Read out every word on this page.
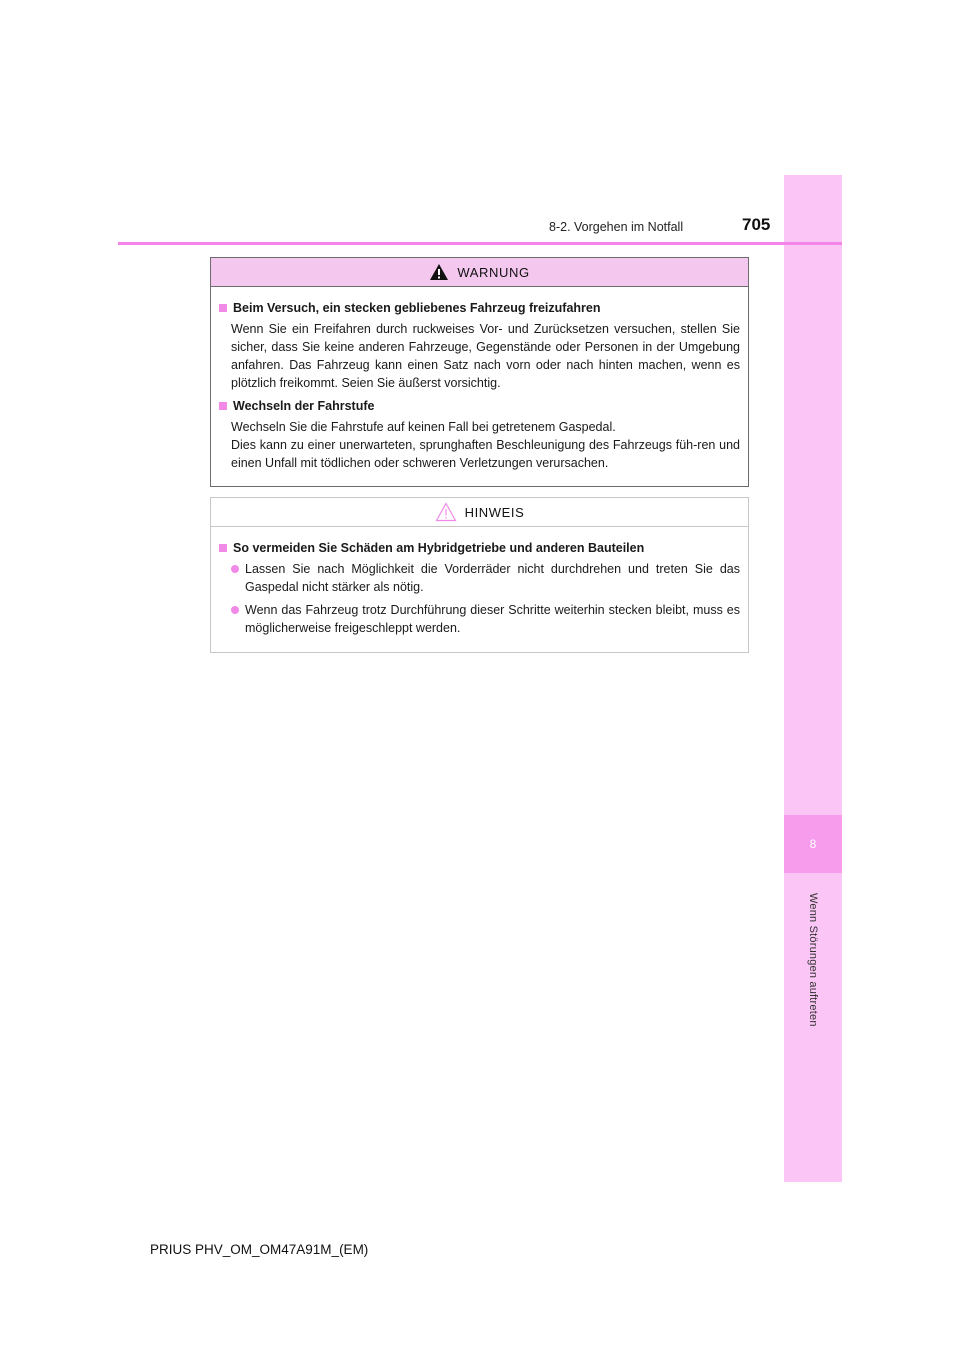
8
Wenn Störungen auftreten
8-2. Vorgehen im Notfall	705
WARNUNG
Beim Versuch, ein stecken gebliebenes Fahrzeug freizufahren
Wenn Sie ein Freifahren durch ruckweises Vor- und Zurücksetzen versuchen, stellen Sie sicher, dass Sie keine anderen Fahrzeuge, Gegenstände oder Personen in der Umgebung anfahren. Das Fahrzeug kann einen Satz nach vorn oder nach hinten machen, wenn es plötzlich freikommt. Seien Sie äußerst vorsichtig.
Wechseln der Fahrstufe
Wechseln Sie die Fahrstufe auf keinen Fall bei getretenem Gaspedal.
Dies kann zu einer unerwarteten, sprunghaften Beschleunigung des Fahrzeugs füh-ren und einen Unfall mit tödlichen oder schweren Verletzungen verursachen.
HINWEIS
So vermeiden Sie Schäden am Hybridgetriebe und anderen Bauteilen
Lassen Sie nach Möglichkeit die Vorderräder nicht durchdrehen und treten Sie das Gaspedal nicht stärker als nötig.
Wenn das Fahrzeug trotz Durchführung dieser Schritte weiterhin stecken bleibt, muss es möglicherweise freigeschleppt werden.
PRIUS PHV_OM_OM47A91M_(EM)
